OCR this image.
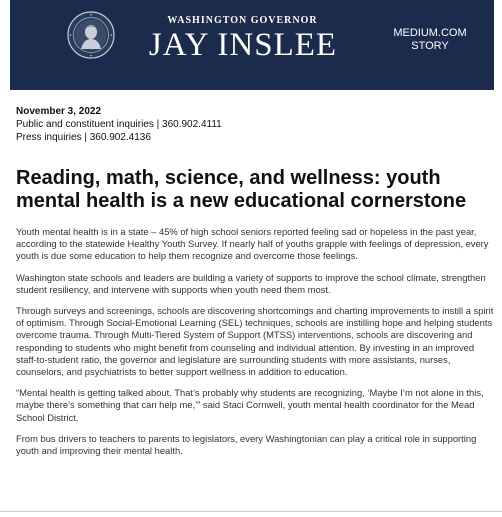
WASHINGTON GOVERNOR
JAY INSLEE	MEDIUM.COM
STORY
November 3, 2022
Public and constituent inquiries | 360.902.4111
Press inquiries | 360.902.4136
Reading, math, science, and wellness: youth mental health is a new educational cornerstone

Youth mental health is in a state – 45% of high school seniors reported feeling sad or hopeless in the past year, according to the statewide Healthy Youth Survey. If nearly half of youths grapple with feelings of depression, every youth is due some education to help them recognize and overcome those feelings.

Washington state schools and leaders are building a variety of supports to improve the school climate, strengthen student resiliency, and intervene with supports when youth need them most.

Through surveys and screenings, schools are discovering shortcomings and charting improvements to instill a spirit of optimism. Through Social-Emotional Learning (SEL) techniques, schools are instilling hope and helping students overcome trauma. Through Multi-Tiered System of Support (MTSS) interventions, schools are discovering and responding to students who might benefit from counseling and individual attention. By investing in an improved staff-to-student ratio, the governor and legislature are surrounding students with more assistants, nurses, counselors, and psychiatrists to better support wellness in addition to education.

“Mental health is getting talked about. That’s probably why students are recognizing, ‘Maybe I’m not alone in this, maybe there’s something that can help me,’” said Staci Cornwell, youth mental health coordinator for the Mead School District.

From bus drivers to teachers to parents to legislators, every Washingtonian can play a critical role in supporting youth and improving their mental health.
